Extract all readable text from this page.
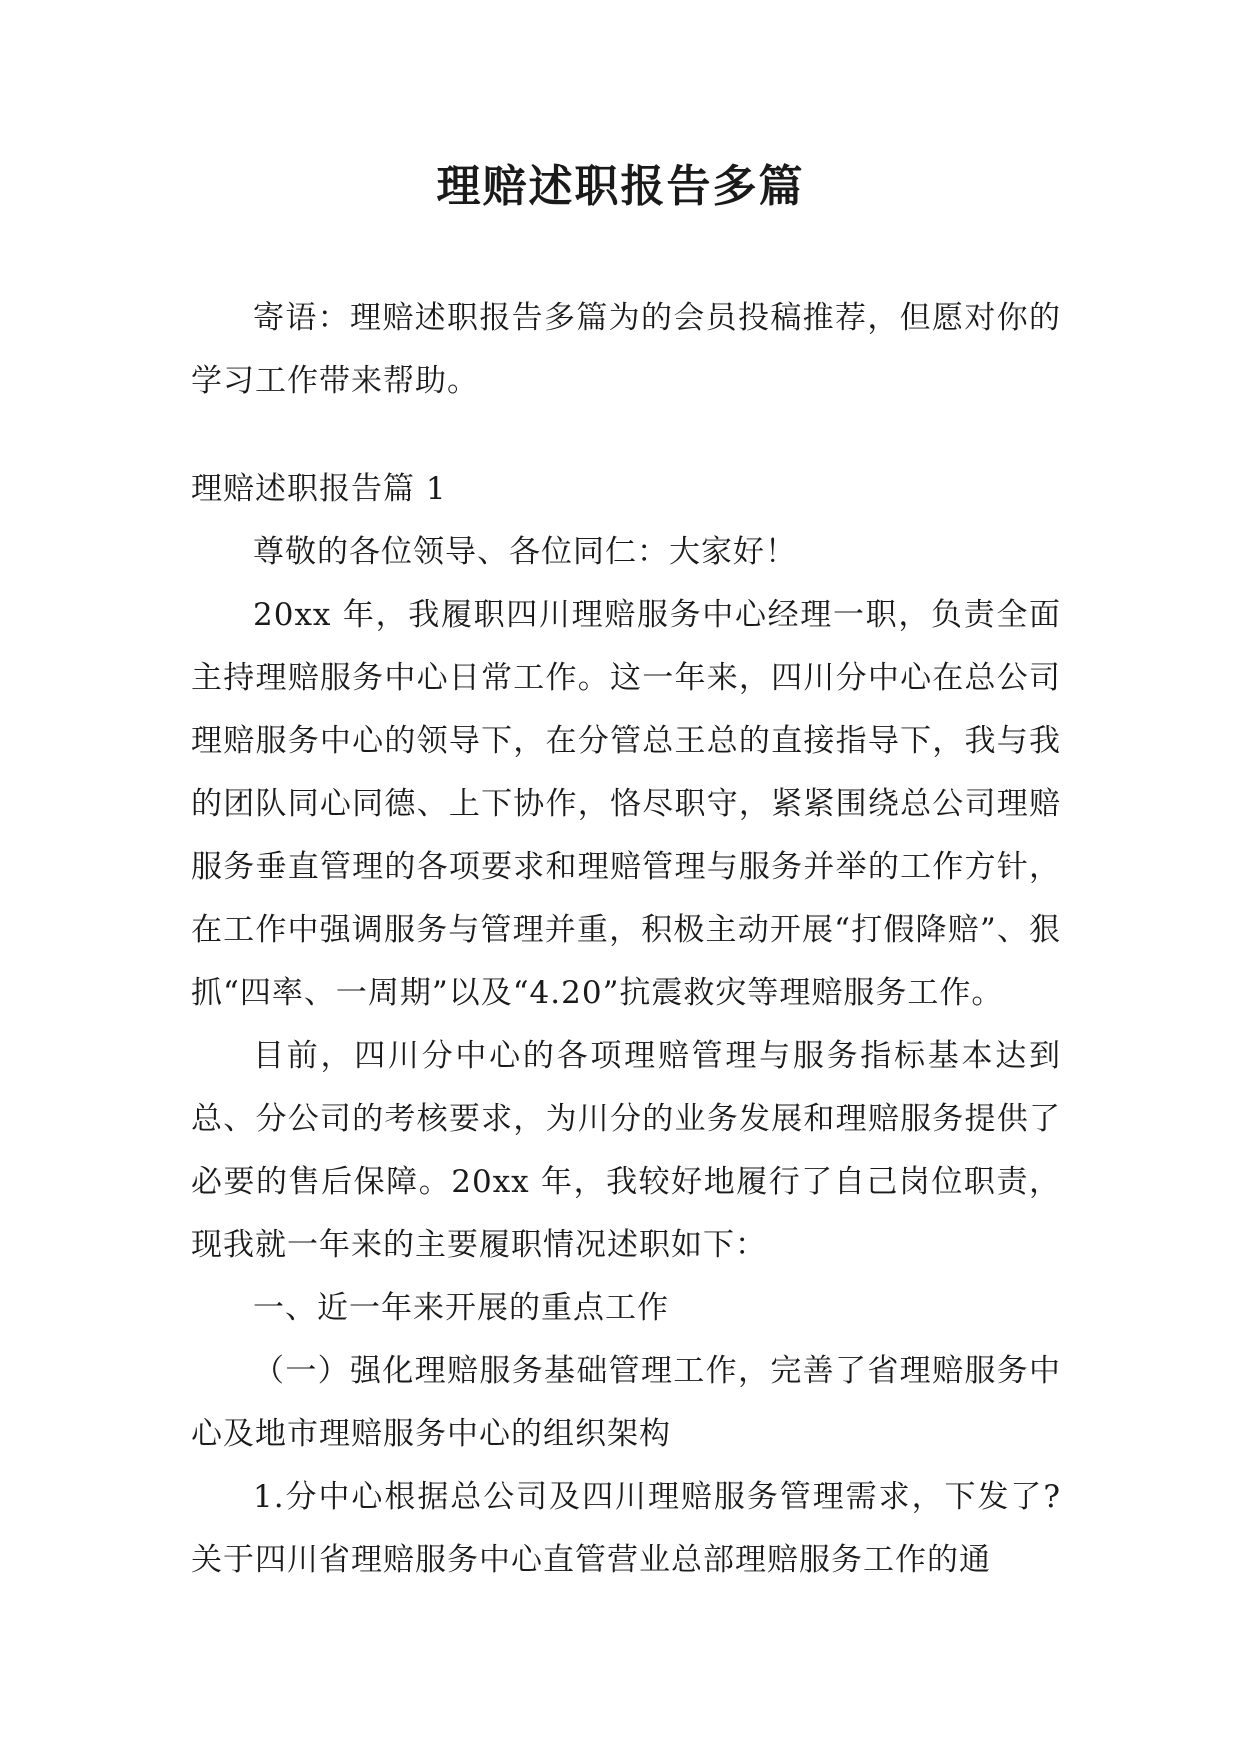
理赔述职报告多篇

寄语：理赔述职报告多篇为的会员投稿推荐，但愿对你的学习工作带来帮助。

理赔述职报告篇 1

尊敬的各位领导、各位同仁：大家好！

20xx 年，我履职四川理赔服务中心经理一职，负责全面主持理赔服务中心日常工作。这一年来，四川分中心在总公司理赔服务中心的领导下，在分管总王总的直接指导下，我与我的团队同心同德、上下协作，恪尽职守，紧紧围绕总公司理赔服务垂直管理的各项要求和理赔管理与服务并举的工作方针，在工作中强调服务与管理并重，积极主动开展“打假降赔”、狠抓“四率、一周期”以及“4.20”抗震救灾等理赔服务工作。

目前，四川分中心的各项理赔管理与服务指标基本达到总、分公司的考核要求，为川分的业务发展和理赔服务提供了必要的售后保障。20xx 年，我较好地履行了自己岗位职责，现我就一年来的主要履职情况述职如下：

一、近一年来开展的重点工作

（一）强化理赔服务基础管理工作，完善了省理赔服务中心及地市理赔服务中心的组织架构

1.分中心根据总公司及四川理赔服务管理需求，下发了?关于四川省理赔服务中心直管营业总部理赔服务工作的通
